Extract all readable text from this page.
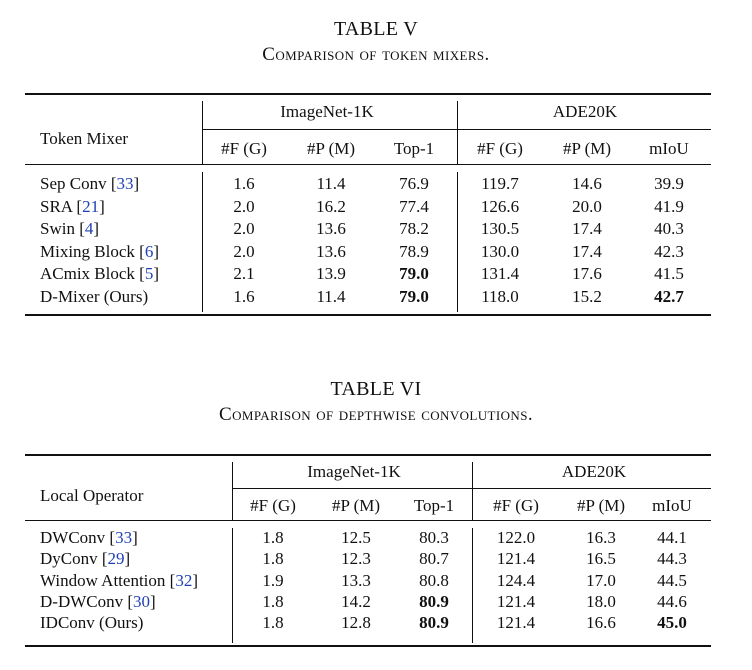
TABLE V
Comparison of token mixers.
TABLE VI
Comparison of depthwise convolutions.
Token Mixer
ImageNet-1K	ADE20K
#F (G) #P (M) Top-1	#F (G) #P (M) mIoU
Sep Conv [33]	1.6	11.4	76.9	119.7	14.6	39.9
SRA [21]	2.0	16.2	77.4	126.6	20.0	41.9
Swin [4]	2.0	13.6	78.2	130.5	17.4	40.3
Mixing Block [6]	2.0	13.6	78.9	130.0	17.4	42.3
ACmix Block [5]	2.1	13.9	79.0	131.4	17.6	41.5
D-Mixer (Ours)	1.6	11.4	79.0	118.0	15.2	42.7
Local Operator
ImageNet-1K	ADE20K
#F (G) #P (M) Top-1 #F (G) #P (M) mIoU
DWConv [33]	1.8	12.5	80.3	122.0	16.3 44.1
DyConv [29]	1.8	12.3	80.7	121.4	16.5 44.3
Window Attention [32]	1.9	13.3	80.8	124.4	17.0 44.5
D-DWConv [30]	1.8	14.2	80.9	121.4	18.0 44.6
IDConv (Ours)	1.8	12.8	80.9	121.4	16.6 45.0
